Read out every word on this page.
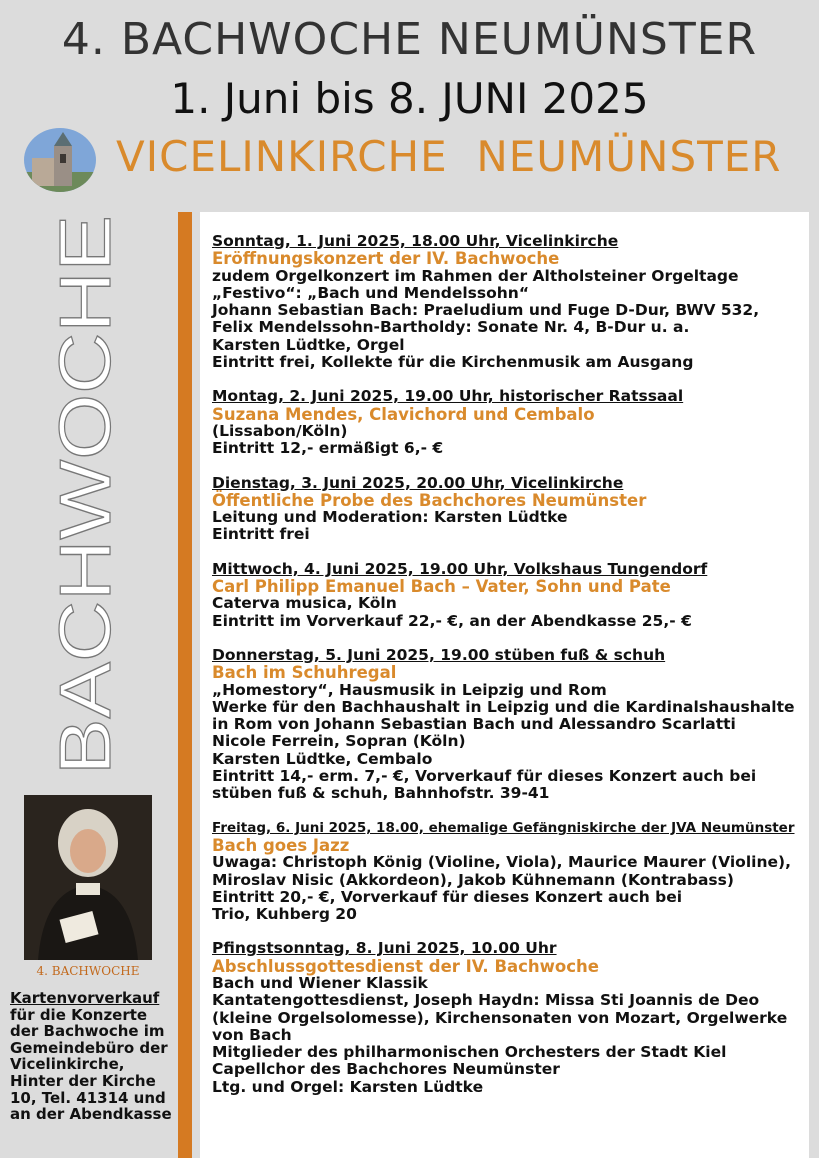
4. BACHWOCHE NEUMÜNSTER
1. Juni bis 8. JUNI 2025
VICELINKIRCHE  NEUMÜNSTER
BACHWOCHE
4. BACHWOCHE
Kartenvorverkauf
für die Konzerte
der Bachwoche im
Gemeindebüro der
Vicelinkirche,
Hinter der Kirche
10, Tel. 41314 und
an der Abendkasse
Sonntag, 1. Juni 2025, 18.00 Uhr, Vicelinkirche
Eröffnungskonzert der IV. Bachwoche
zudem Orgelkonzert im Rahmen der Altholsteiner Orgeltage
„Festivo“: „Bach und Mendelssohn“
Johann Sebastian Bach: Praeludium und Fuge D-Dur, BWV 532,
Felix Mendelssohn-Bartholdy: Sonate Nr. 4, B-Dur u. a.
Karsten Lüdtke, Orgel
Eintritt frei, Kollekte für die Kirchenmusik am Ausgang
Montag, 2. Juni 2025, 19.00 Uhr, historischer Ratssaal
Suzana Mendes, Clavichord und Cembalo
(Lissabon/Köln)
Eintritt 12,- ermäßigt 6,- €
Dienstag, 3. Juni 2025, 20.00 Uhr, Vicelinkirche
Öffentliche Probe des Bachchores Neumünster
Leitung und Moderation: Karsten Lüdtke
Eintritt frei
Mittwoch, 4. Juni 2025, 19.00 Uhr, Volkshaus Tungendorf
Carl Philipp Emanuel Bach – Vater, Sohn und Pate
Caterva musica, Köln
Eintritt im Vorverkauf 22,- €, an der Abendkasse 25,- €
Donnerstag, 5. Juni 2025, 19.00 stüben fuß & schuh
Bach im Schuhregal
„Homestory“, Hausmusik in Leipzig und Rom
Werke für den Bachhaushalt in Leipzig und die Kardinalshaushalte
in Rom von Johann Sebastian Bach und Alessandro Scarlatti
Nicole Ferrein, Sopran (Köln)
Karsten Lüdtke, Cembalo
Eintritt 14,- erm. 7,- €, Vorverkauf für dieses Konzert auch bei
stüben fuß & schuh, Bahnhofstr. 39-41
Freitag, 6. Juni 2025, 18.00, ehemalige Gefängniskirche der JVA Neumünster
Bach goes Jazz
Uwaga: Christoph König (Violine, Viola), Maurice Maurer (Violine),
Miroslav Nisic (Akkordeon), Jakob Kühnemann (Kontrabass)
Eintritt 20,- €, Vorverkauf für dieses Konzert auch bei
Trio, Kuhberg 20
Pfingstsonntag, 8. Juni 2025, 10.00 Uhr
Abschlussgottesdienst der IV. Bachwoche
Bach und Wiener Klassik
Kantatengottesdienst, Joseph Haydn: Missa Sti Joannis de Deo
(kleine Orgelsolomesse), Kirchensonaten von Mozart, Orgelwerke
von Bach
Mitglieder des philharmonischen Orchesters der Stadt Kiel
Capellchor des Bachchores Neumünster
Ltg. und Orgel: Karsten Lüdtke
